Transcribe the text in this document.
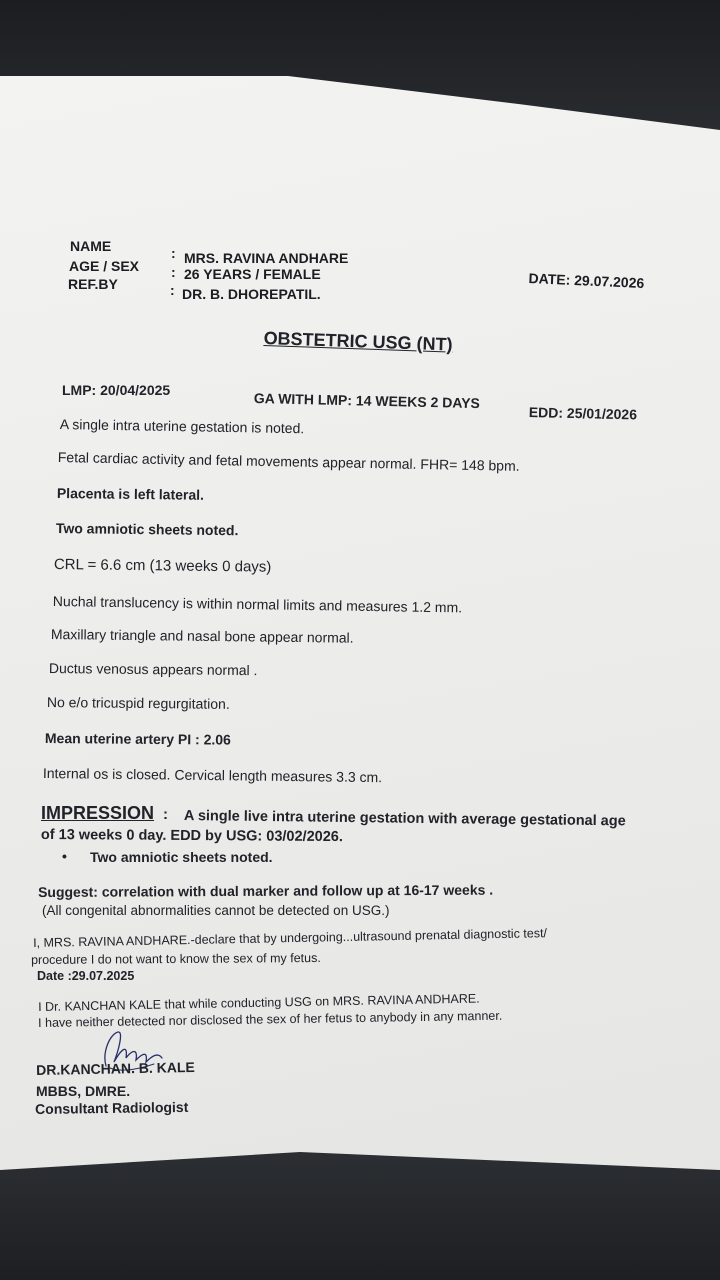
NAME	: MRS. RAVINA ANDHARE
AGE / SEX : 26 YEARS / FEMALE
REF.BY	: DR. B. DHOREPATIL.
DATE: 29.07.2026
OBSTETRIC USG (NT)
LMP: 20/04/2025	GA WITH LMP: 14 WEEKS 2 DAYS
EDD: 25/01/2026
A single intra uterine gestation is noted.
Fetal cardiac activity and fetal movements appear normal. FHR= 148 bpm.
Placenta is left lateral.
Two amniotic sheets noted.
CRL = 6.6 cm (13 weeks 0 days)
Nuchal translucency is within normal limits and measures 1.2 mm.
Maxillary triangle and nasal bone appear normal.
Ductus venosus appears normal .
No e/o tricuspid regurgitation.
Mean uterine artery PI : 2.06
Internal os is closed. Cervical length measures 3.3 cm.
IMPRESSION : A single live intra uterine gestation with average gestational age
of 13 weeks 0 day. EDD by USG: 03/02/2026.
• Two amniotic sheets noted.
Suggest: correlation with dual marker and follow up at 16-17 weeks .
(All congenital abnormalities cannot be detected on USG.)
I, MRS. RAVINA ANDHARE.-declare that by undergoing...ultrasound prenatal diagnostic test/
procedure I do not want to know the sex of my fetus.
Date :29.07.2025
I Dr. KANCHAN KALE that while conducting USG on MRS. RAVINA ANDHARE.
I have neither detected nor disclosed the sex of her fetus to anybody in any manner.
DR.KANCHAN. B. KALE
MBBS, DMRE.
Consultant Radiologist
